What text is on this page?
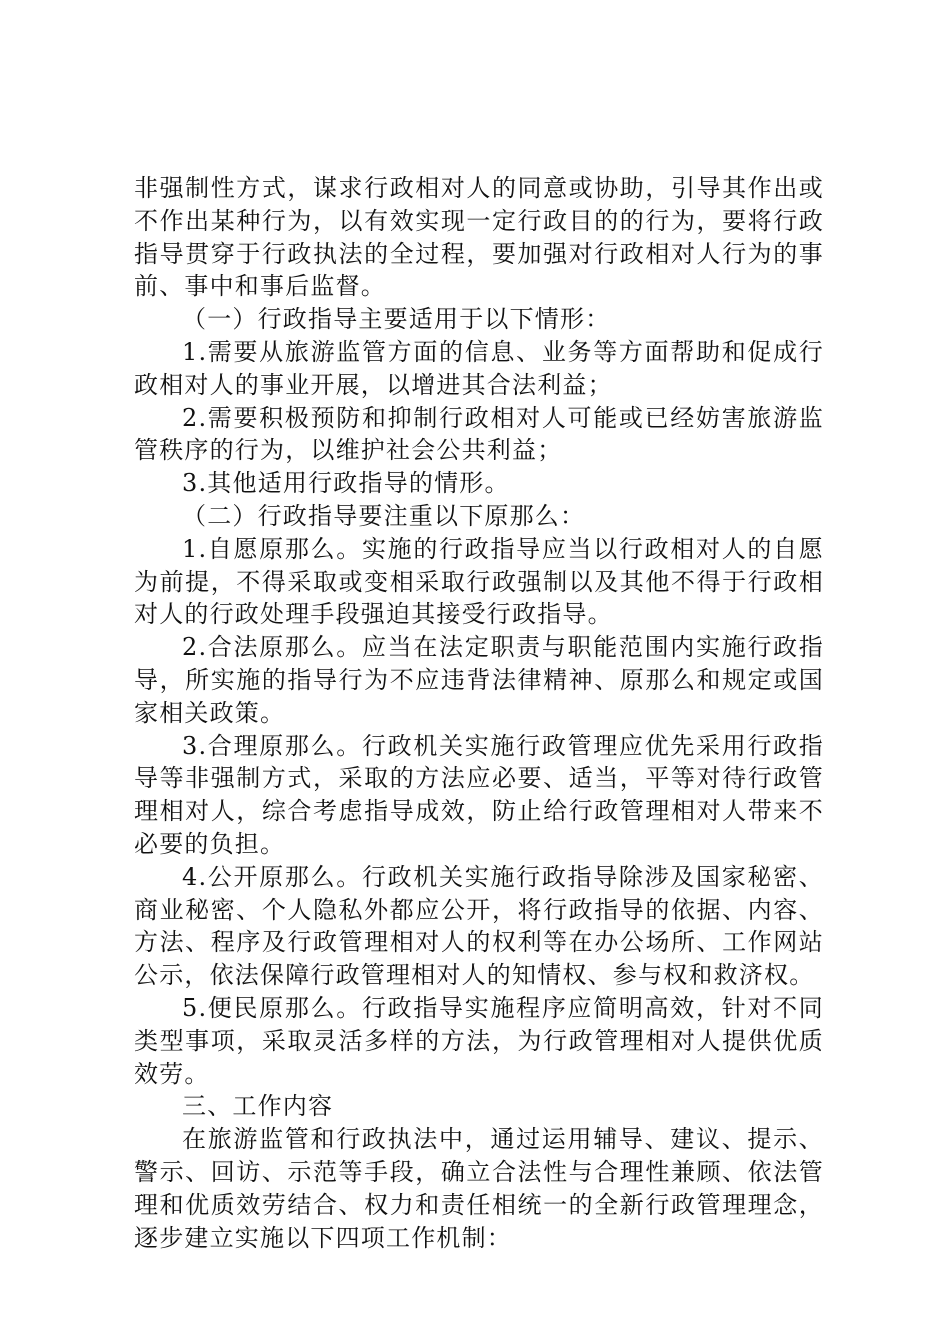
非强制性方式，谋求行政相对人的同意或协助，引导其作出或不作出某种行为，以有效实现一定行政目的的行为，要将行政指导贯穿于行政执法的全过程，要加强对行政相对人行为的事前、事中和事后监督。

（一）行政指导主要适用于以下情形：

1.需要从旅游监管方面的信息、业务等方面帮助和促成行政相对人的事业开展，以增进其合法利益；

2.需要积极预防和抑制行政相对人可能或已经妨害旅游监管秩序的行为，以维护社会公共利益；

3.其他适用行政指导的情形。

（二）行政指导要注重以下原那么：

1.自愿原那么。实施的行政指导应当以行政相对人的自愿为前提，不得采取或变相采取行政强制以及其他不得于行政相对人的行政处理手段强迫其接受行政指导。

2.合法原那么。应当在法定职责与职能范围内实施行政指导，所实施的指导行为不应违背法律精神、原那么和规定或国家相关政策。

3.合理原那么。行政机关实施行政管理应优先采用行政指导等非强制方式，采取的方法应必要、适当，平等对待行政管理相对人，综合考虑指导成效，防止给行政管理相对人带来不必要的负担。

4.公开原那么。行政机关实施行政指导除涉及国家秘密、商业秘密、个人隐私外都应公开，将行政指导的依据、内容、方法、程序及行政管理相对人的权利等在办公场所、工作网站公示，依法保障行政管理相对人的知情权、参与权和救济权。

5.便民原那么。行政指导实施程序应简明高效，针对不同类型事项，采取灵活多样的方法，为行政管理相对人提供优质效劳。

三、工作内容

在旅游监管和行政执法中，通过运用辅导、建议、提示、警示、回访、示范等手段，确立合法性与合理性兼顾、依法管理和优质效劳结合、权力和责任相统一的全新行政管理理念，逐步建立实施以下四项工作机制：
